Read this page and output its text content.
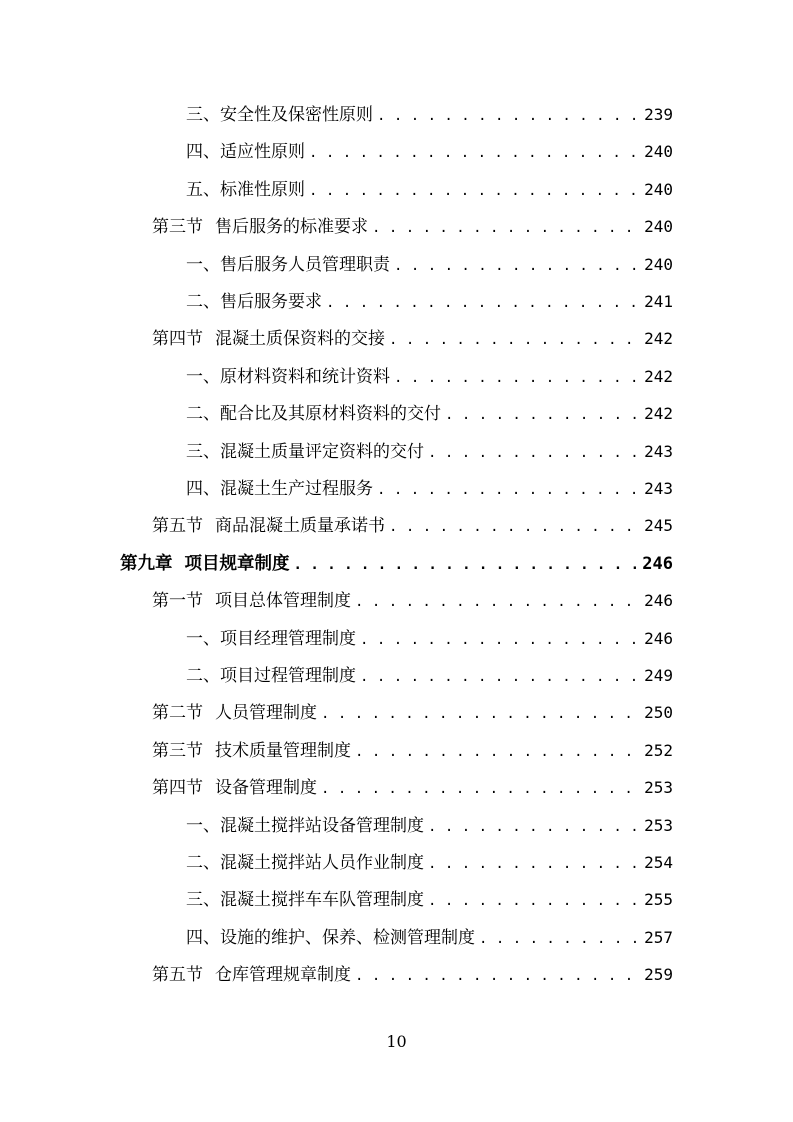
三、安全性及保密性原则 . . .	239
四、适应性原则 . . .	240
五、标准性原则 . . .	240
第三节 售后服务的标准要求 . . .	240
一、售后服务人员管理职责 . . .	240
二、售后服务要求 . . .	241
第四节 混凝土质保资料的交接 . . .	242
一、原材料资料和统计资料 . . .	242
二、配合比及其原材料资料的交付 . . .	242
三、混凝土质量评定资料的交付 . . .	243
四、混凝土生产过程服务 . . .	243
第五节 商品混凝土质量承诺书 . . .	245
第九章 项目规章制度 . . .	246
第一节 项目总体管理制度 . . .	246
一、项目经理管理制度 . . .	246
二、项目过程管理制度 . . .	249
第二节 人员管理制度 . . .	250
第三节 技术质量管理制度 . . .	252
第四节 设备管理制度 . . .	253
一、混凝土搅拌站设备管理制度 . . .	253
二、混凝土搅拌站人员作业制度 . . .	254
三、混凝土搅拌车车队管理制度 . . .	255
四、设施的维护、保养、检测管理制度 . . .	257
第五节 仓库管理规章制度 . . .	259
10
